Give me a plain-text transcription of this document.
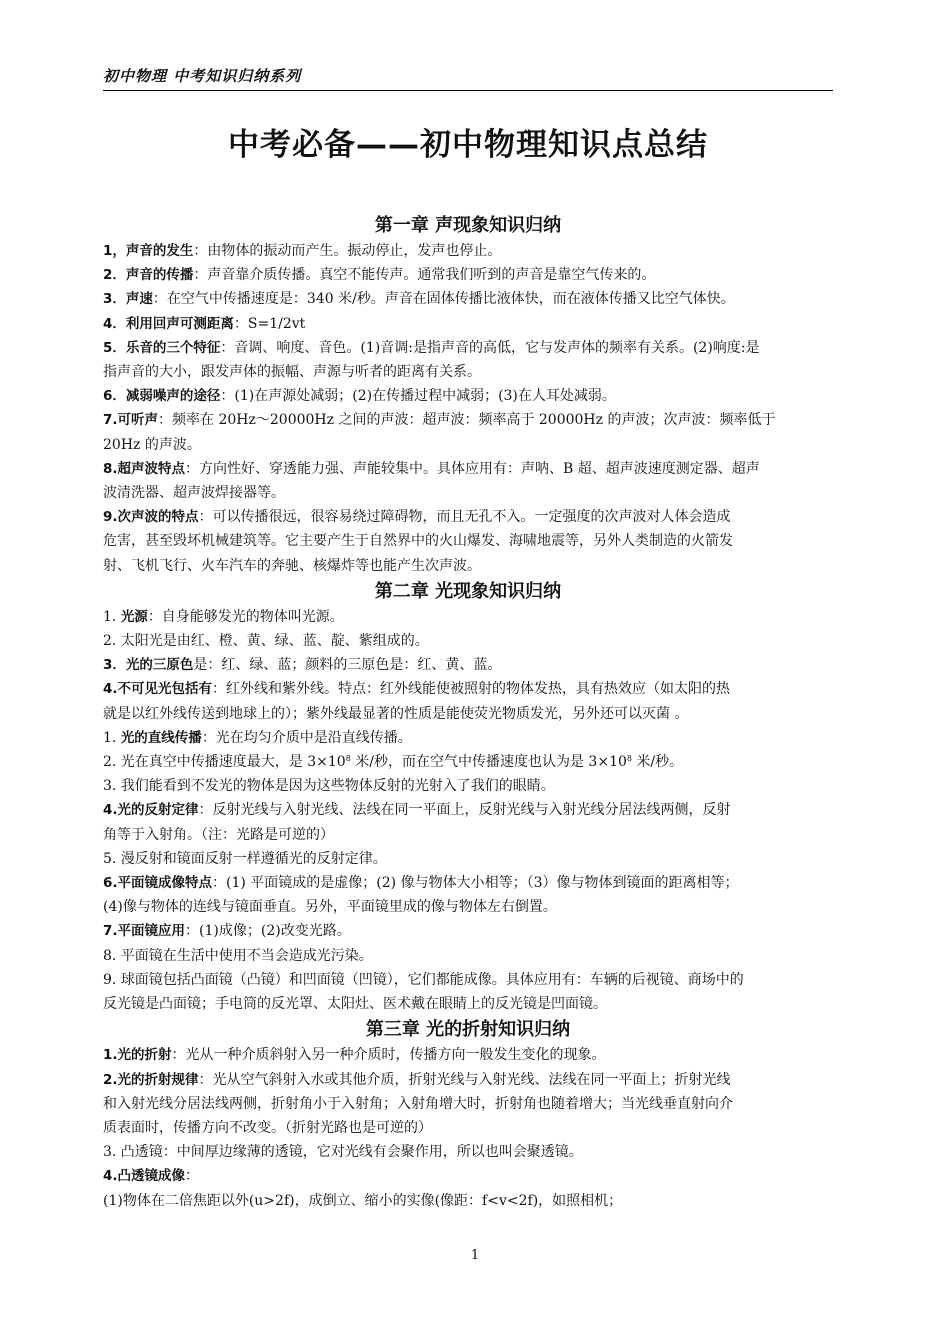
初中物理 中考知识归纳系列
中考必备——初中物理知识点总结
第一章 声现象知识归纳
1，声音的发生：由物体的振动而产生。振动停止，发声也停止。
2．声音的传播：声音靠介质传播。真空不能传声。通常我们听到的声音是靠空气传来的。
3．声速：在空气中传播速度是：340 米/秒。声音在固体传播比液体快，而在液体传播又比空气体快。
4．利用回声可测距离：S=1/2vt
5．乐音的三个特征：音调、响度、音色。(1)音调:是指声音的高低，它与发声体的频率有关系。(2)响度:是
指声音的大小，跟发声体的振幅、声源与听者的距离有关系。
6．减弱噪声的途径：(1)在声源处减弱；(2)在传播过程中减弱；(3)在人耳处减弱。
7.可听声：频率在 20Hz～20000Hz 之间的声波：超声波：频率高于 20000Hz 的声波；次声波：频率低于
20Hz 的声波。
8.超声波特点：方向性好、穿透能力强、声能较集中。具体应用有：声呐、B 超、超声波速度测定器、超声
波清洗器、超声波焊接器等。
9.次声波的特点：可以传播很远，很容易绕过障碍物，而且无孔不入。一定强度的次声波对人体会造成
危害，甚至毁坏机械建筑等。它主要产生于自然界中的火山爆发、海啸地震等，另外人类制造的火箭发
射、飞机飞行、火车汽车的奔驰、核爆炸等也能产生次声波。
第二章 光现象知识归纳
1. 光源：自身能够发光的物体叫光源。
2. 太阳光是由红、橙、黄、绿、蓝、靛、紫组成的。
3．光的三原色是：红、绿、蓝；颜料的三原色是：红、黄、蓝。
4.不可见光包括有：红外线和紫外线。特点：红外线能使被照射的物体发热，具有热效应（如太阳的热
就是以红外线传送到地球上的）；紫外线最显著的性质是能使荧光物质发光，另外还可以灭菌 。
1. 光的直线传播：光在均匀介质中是沿直线传播。
2. 光在真空中传播速度最大，是 $3\times 10^8$ 米/秒，而在空气中传播速度也认为是 $3\times 10^8$ 米/秒。
3. 我们能看到不发光的物体是因为这些物体反射的光射入了我们的眼睛。
4.光的反射定律：反射光线与入射光线、法线在同一平面上，反射光线与入射光线分居法线两侧，反射
角等于入射角。（注：光路是可逆的）
5. 漫反射和镜面反射一样遵循光的反射定律。
6.平面镜成像特点：(1) 平面镜成的是虚像；(2) 像与物体大小相等；（3）像与物体到镜面的距离相等；
(4)像与物体的连线与镜面垂直。另外，平面镜里成的像与物体左右倒置。
7.平面镜应用：(1)成像；(2)改变光路。
8. 平面镜在生活中使用不当会造成光污染。
9. 球面镜包括凸面镜（凸镜）和凹面镜（凹镜），它们都能成像。具体应用有：车辆的后视镜、商场中的
反光镜是凸面镜；手电筒的反光罩、太阳灶、医术戴在眼睛上的反光镜是凹面镜。
第三章 光的折射知识归纳
1.光的折射：光从一种介质斜射入另一种介质时，传播方向一般发生变化的现象。
2.光的折射规律：光从空气斜射入水或其他介质，折射光线与入射光线、法线在同一平面上；折射光线
和入射光线分居法线两侧，折射角小于入射角；入射角增大时，折射角也随着增大；当光线垂直射向介
质表面时，传播方向不改变。（折射光路也是可逆的）
3. 凸透镜：中间厚边缘薄的透镜，它对光线有会聚作用，所以也叫会聚透镜。
4.凸透镜成像：
(1)物体在二倍焦距以外(u>2f)，成倒立、缩小的实像(像距：f<v<2f)，如照相机；
1
